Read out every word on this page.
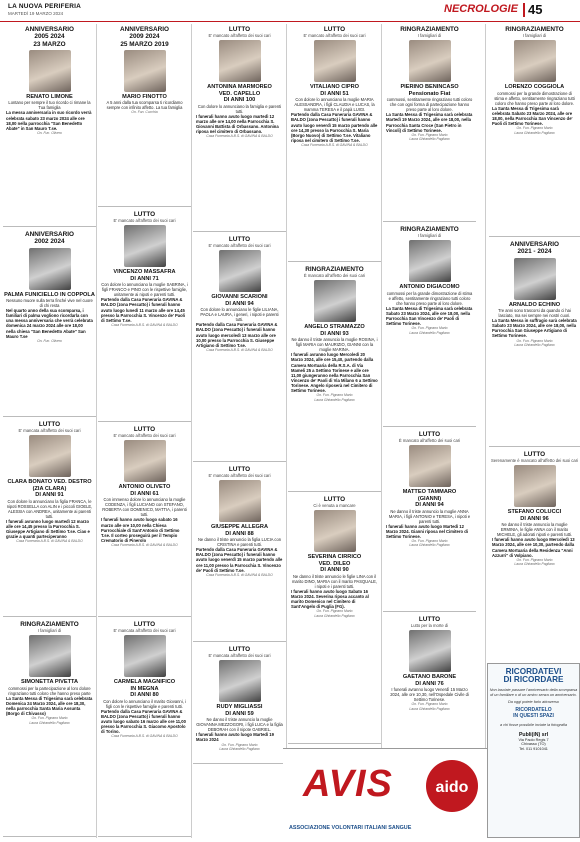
LA NUOVA PERIFERIA
MARTEDÌ 19 MARZO 2024	NECROLOGIE 45
ANNIVERSARIO
2005 2024
23 MARZO
RENATO LIMONE
Lontano per sempre il tuo ricordo ci rimane la Tua famiglia
La messa anniversaria in suo ricordo verrà celebrata sabato 23 marzo 2024 alle ore 18,00 nella parrocchia "San Benedetto Abate" in San Mauro T.se.
On. Fun. Olivero
ANNIVERSARIO
2002 2024
PALMA FUNICIELLO IN COPPOLA
Nessuno muore sulla terra finché vive nel cuore di chi resta
Nel quarto anno della sua scomparsa, i familiari di palma vogliono ricordarla con una messa anniversaria che verrà celebrata domenica 24 marzo 2024 alle ore 18,00 nella chiesa "San Benedetto Abate" San Mauro T.se
On. Fun. Olivero
LUTTO
E' mancata all'affetto dei suoi cari
CLARA BONATO VED. DESTRO (ZIA CLARA)
DI ANNI 91
Con dolore lo annunciano la figlia FRANCA, le nipoti ROSSELLA con ALIN e i piccoli GIOELE, ALESSIA con ANDREA, unitamente ai parenti tutti.
I funerali avranno luogo martedì 12 marzo alle ore 14,45 presso la Parrocchia S. Giuseppe Artigiano di Settimo T.se. Ciao e grazie a quanti parteciperanno
Casa Funeraria A.B.S. di GAVINA & BALDO
RINGRAZIAMENTO
I famigliari di
SIMONETTA PIVETTA
commossi per la partecipazione al loro dolore ringraziano tutti coloro che hanno preso parte
La Santa Messa di Trigesima sarà celebrata Domenica 24 Marzo 2024, alle ore 18,30, nella parrocchia Santa Maria Assunta (Borgo di Chivasso)
On. Fun. Pignano Mario
Laura Ghirardello Pagliano
ANNIVERSARIO
2009 2024
25 MARZO 2019
MARIO FINOTTO
A 5 anni dalla tua scomparsa ti ricordiamo sempre con infinito affetto. La tua famiglia
On. Fun. Cucchia
LUTTO
E' mancato all'affetto dei suoi cari
VINCENZO MASSAFRA
DI ANNI 71
Con dolore lo annunciano la moglie SABRINA, i figli FRANCO e PINO con le rispettive famiglie, unitamente ai nipoti e parenti tutti.
Partendo dalla Casa Funeraria GAVINA & BALDO (zona Pescatto) i funerali hanno avuto luogo lunedì 11 marzo alle ore 14,45 presso la Parrocchia S. Vincenzo de' Paoli di Settimo T.se.
Casa Funeraria A.B.S. di GAVINA & BALDO
LUTTO
E' mancato all'affetto dei suoi cari
ANTONIO OLIVETO
DI ANNI 61
Con immenso dolore lo annunciano la moglie CODENZA, i figli LUCIANO con STEFANO, ROBERTA con DOMENICO, MATTIA, i parenti tutti.
I funerali hanno avuto luogo sabato 16 marzo alle ore 10,00 nella Chiesa Parrocchiale di Sant'Antonio di Settimo T.se. Il corteo proseguirà per il Tempio Crematorio di Pinerolo
Casa Funeraria A.B.S. di GAVINA & BALDO
LUTTO
E' mancata all'affetto dei suoi cari
CARMELA MAGNIFICO
IN MEGNA
DI ANNI 80
Con dolore lo annunciano il marito Giovanni, i figli con le rispettive famiglie e parenti tutti.
Partendo dalla Casa Funeraria GAVINA & BALDO (zona Pescatto) i funerali hanno avuto luogo sabato 16 marzo alle ore 11,00 presso la Parrocchia S. Giacomo Apostolo di Torino.
Casa Funeraria A.B.S. di GAVINA & BALDO
LUTTO
E' mancato all'affetto dei suoi cari
ANTONINA MARMOREO
VED. CAPELLO
DI ANNI 100
Con dolore lo annunciano la famiglia e parenti tutti.
I funerali hanno avuto luogo martedì 12 marzo alle ore 14,00 nella Parrocchia S. Giovanni Battista di Orbassano. Antonina riposa nel cimitero di Orbassano.
Casa Funeraria A.B.S. di GAVINA & BALDO
LUTTO
E' mancato all'affetto dei suoi cari
GIOVANNI SCARIONI
DI ANNI 94
Con dolore lo annunciano le figlie LILIANA, PAOLA e LAURA, i generi, i nipoti e parenti tutti.
Partendo dalla Casa Funeraria GAVINA & BALDO (zona Pescatto) i funerali hanno avuto luogo mercoledì 13 marzo alle ore 10,00 presso la Parrocchia S. Giuseppe Artigiano di Settimo T.se.
Casa Funeraria A.B.S. di GAVINA & BALDO
LUTTO
E' mancato all'affetto dei suoi cari
GIUSEPPE ALLEGRA
DI ANNI 88
Ne danno il triste annuncio la figlia LUCIA con CRISTINA e parenti tutti.
Partendo dalla Casa Funeraria GAVINA & BALDO (zona Pescatto) i funerali hanno avuto luogo venerdì 15 marzo partendo alle ore 11,00 presso la Parrocchia S. Vincenzo de' Paoli di Settimo T.se.
Casa Funeraria A.B.S. di GAVINA & BALDO
LUTTO
E' mancata all'affetto dei suoi cari
RUDY MIGLIASSI
DI ANNI 59
Ne danno il triste annuncio la moglie GIOVANNA MEZZOGORI, i figli LUCA e la figlia DEBORAH con il nipote GABRIEL.
I funerali hanno avuto luogo Martedì 19 Marzo 2024
On. Fun. Pignano Mario
Laura Ghirardello Pagliano
LUTTO
E' mancato all'affetto dei suoi cari
VITALIANO CIPRO
DI ANNI 51
Con dolore lo annunciano la moglie MARIA ALESSANDRA, i figli CLAUDIA e LUCAS, la mamma TERESA e il papà LUIGI.
Partendo dalla Casa Funeraria GAVINA & BALDO (zona Pescatto) i funerali hanno avuto luogo venerdì 15 marzo partendo alle ore 14,30 presso la Parrocchia S. Maria (Borgo Nuovo) di Settimo T.se. Vitaliano riposa nel cimitero di Settimo T.se.
Casa Funeraria A.B.S. di GAVINA & BALDO
RINGRAZIAMENTO
È mancato all'affetto dei suoi cari
ANGELO STRAMAZZO
DI ANNI 93
Ne danno il triste annuncio la moglie ROSINA, i figli MARIA con MAURIZIO, GIANNI con la moglie MARINA.
I funerali avranno luogo Mercoledì 20 Marzo 2024, alle ore 15,40, partendo dalla Camera Mortuaria della R.S.A. di Via Mameli 25 a Settimo Torinese e alle ore 11,00 giungeranno nella Parrocchia San Vincenzo de' Paoli di Via Milano 6 a Settimo Torinese. Angelo riposerà nel Cimitero di Settimo Torinese.
On. Fun. Pignano Mario
Laura Ghirardello Pagliano
LUTTO
Ci è venuta a mancare
SEVERINA CIRRICO
VED. DILEO
DI ANNI 90
Ne danno il triste annuncio le figlie LINA con il marito DINO, MARIA con il marito PASQUALE, i nipoti e i parenti tutti.
I funerali hanno avuto luogo Sabato 16 Marzo 2024. Severina riposa accanto al marito Domenico nel Cimitero di Sant'Angelo di Puglia (FG).
On. Fun. Pignano Mario
Laura Ghirardello Pagliano
RINGRAZIAMENTO
I famigliari di
PIERINO BENINCASO
Pensionato Fiat
commossi, sentitamente ringraziano tutti coloro che con ogni forma di partecipazione hanno preso parte al loro dolore.
La Santa Messa di Trigesima sarà celebrata Martedì 19 Marzo 2024, alle ore 18,00, nella Parrocchia Santa Croce (San Pietro in Vincoli) di Settimo Torinese.
On. Fun. Pignano Mario
Laura Ghirardello Pagliano
RINGRAZIAMENTO
I famigliari di
ANTONIO DIGIACOMO
commossi per la grande dimostrazione di stima e affetto, sentitamente ringraziano tutti coloro che hanno preso parte al loro dolore.
La Santa Messa di Trigesima sarà celebrata Sabato 23 Marzo 2024, alle ore 18,00, nella Parrocchia San Vincenzo de' Paoli di Settimo Torinese.
On. Fun. Pignano Mario
Laura Ghirardello Pagliano
LUTTO
È mancato all'affetto dei suoi cari
MATTEO TAMMARO
(GIANNI)
DI ANNI 94
Ne danno il triste annuncio la moglie ANNA MARIA, i figli ANTONIO e TERESA, i nipoti e parenti tutti.
I funerali hanno avuto luogo Martedì 12 Marzo 2024. Gianni riposa nel Cimitero di Settimo Torinese.
On. Fun. Pignano Mario
Laura Ghirardello Pagliano
LUTTO
Lutto per la morte di
GAETANO BARONE
DI ANNI 76
I funerali avranno luogo Venerdì 15 Marzo 2024, alle ore 10,30, nell'Ospedale Civile di Settimo Torinese.
On. Fun. Pignano Mario
Laura Ghirardello Pagliano
RINGRAZIAMENTO
I famigliari di
LORENZO COGGIOLA
commossi per la grande dimostrazione di stima e affetto, sentitamente ringraziano tutti coloro che hanno preso parte al loro dolore.
La Santa Messa di Trigesima sarà celebrata Sabato 23 Marzo 2024, alle ore 18,00, nella Parrocchia San Vincenzo de' Paoli di Settimo Torinese.
On. Fun. Pignano Mario
Laura Ghirardello Pagliano
ANNIVERSARIO
2021 - 2024
ARNALDO ECHINO
Tre anni sono trascorsi da quando ci hai lasciato, ma sei sempre nei nostri cuori.
La Santa Messa in suffragio sarà celebrata Sabato 23 Marzo 2024, alle ore 18,00, nella Parrocchia San Giuseppe Artigiano di Settimo Torinese.
On. Fun. Pignano Mario
Laura Ghirardello Pagliano
LUTTO
Serenamente è mancato all'affetto dei suoi cari
STEFANO COLUCCI
DI ANNI 96
Ne danno il triste annuncio la moglie ERMINIA, le figlie ANNA con il marito MICHELE, gli adorati nipoti e parenti tutti.
I funerali hanno avuto luogo Mercoledì 13 Marzo 2024, alle ore 10,30, partendo dalla Camera Mortuaria della Residenza "Anni Azzurri" di Volpiano.
On. Fun. Pignano Mario
Laura Ghirardello Pagliano
RICORDATEVI
DI RICORDARE
Non lasciate passare l'anniversario della scomparsa di un familiare o di un amico senza un anniversario.
Da oggi potete farlo attraverso
RICORDATELO
IN QUESTI SPAZI
a chi fosse possibile inviate la fotografia
Publi(iN) srl
Via Paolo Regis 7
Chivasso (TO)
Tel. 011 9101041
AVIS	aido
ASSOCIAZIONE VOLONTARI ITALIANI SANGUE
